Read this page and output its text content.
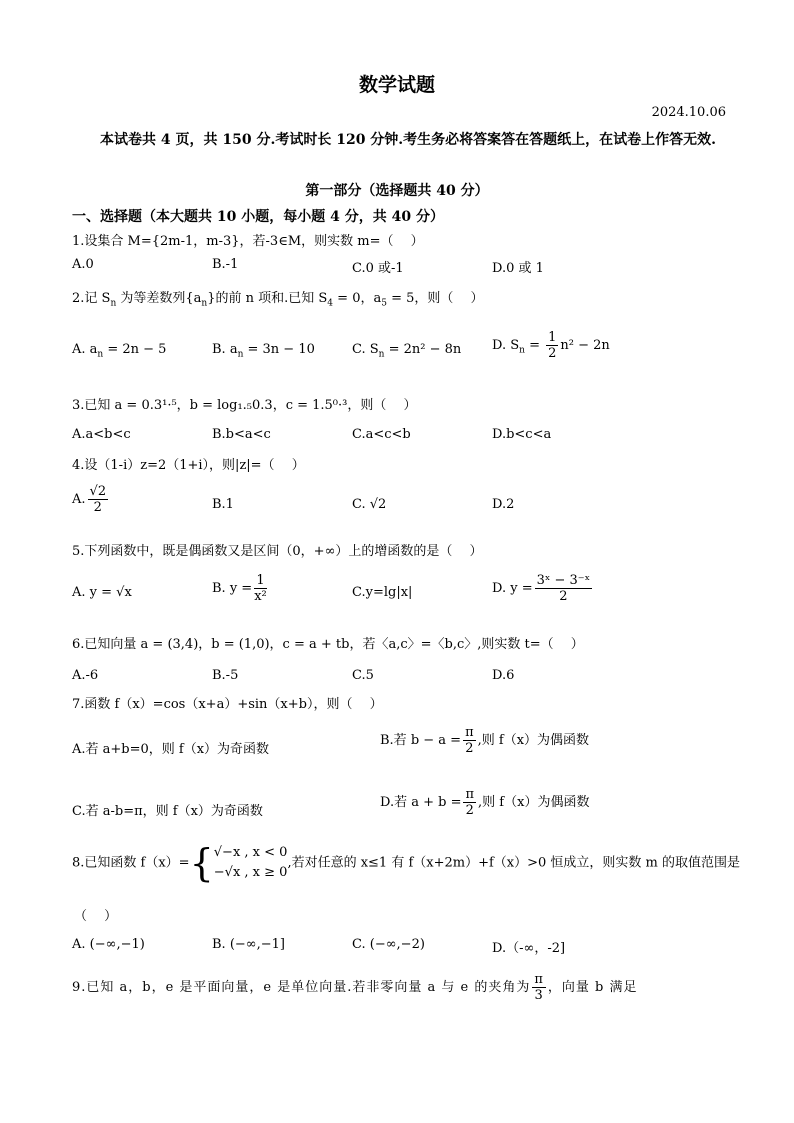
数学试题
2024.10.06
本试卷共 4 页，共 150 分.考试时长 120 分钟.考生务必将答案答在答题纸上，在试卷上作答无效.
第一部分（选择题共 40 分）
一、选择题（本大题共 10 小题，每小题 4 分，共 40 分）
1.设集合 M={2m-1，m-3}，若-3∈M，则实数 m=（　 ）
A.0	B.-1	C.0 或-1	D.0 或 1
2.记 $S_n$ 为等差数列$\{a_n\}$的前 n 项和.已知 $S_4 = 0$，$a_5 = 5$，则（　 ）
A. $a_n = 2n - 5$	B. $a_n = 3n - 10$	C. $S_n = 2n^2 - 8n$ D. $S_n = \frac{1}{2} n^2 - 2n$
3.已知 a = 0.3¹·⁵，b = log₁.₅0.3，c = 1.5⁰·³，则（　 ）
A.a<b<c	B.b<a<c	C.a<c<b	D.b<c<a
4.设（1-i）z=2（1+i），则|z|=（　 ）
A. $\frac{√2}{2}$	B.1	C. √2	D.2
5.下列函数中，既是偶函数又是区间（0，+∞）上的增函数的是（　 ）
A. y = √x	B. $y = \frac{1}{\text{x²}}$	C.y=lg|x|	D. $y = \frac{\text{3ˣ − 3⁻ˣ}}{2}$
6.已知向量 a = (3,4)，b = (1,0)，c = a + tb，若〈a,c〉=〈b,c〉,则实数 t=（　 ）
A.-6	B.-5	C.5	D.6
7.函数 f（x）=cos（x+a）+sin（x+b），则（　 ）
A.若 a+b=0，则 f（x）为奇函数
B.若 $b - a = \frac{\pi}{2}$ ,则 f（x）为偶函数
C.若 a-b=π，则 f（x）为奇函数
D.若 $a + b = \frac{\pi}{2}$ ,则 f（x）为偶函数
8.已知函数 f（x）={ √−x , x < 0
−√x , x ≥ 0
,若对任意的 x≤1 有 f（x+2m）+f（x）>0 恒成立，则实数 m 的取值范围是
（　 ）
A. (−∞,−1)	B. (−∞,−1]	C. (−∞,−2)	D.（-∞，-2]
9.已知 a，b，e 是平面向量，e 是单位向量.若非零向量 a 与 e 的夹角为 $\frac{\pi}{3}$ ，向量 b 满足
